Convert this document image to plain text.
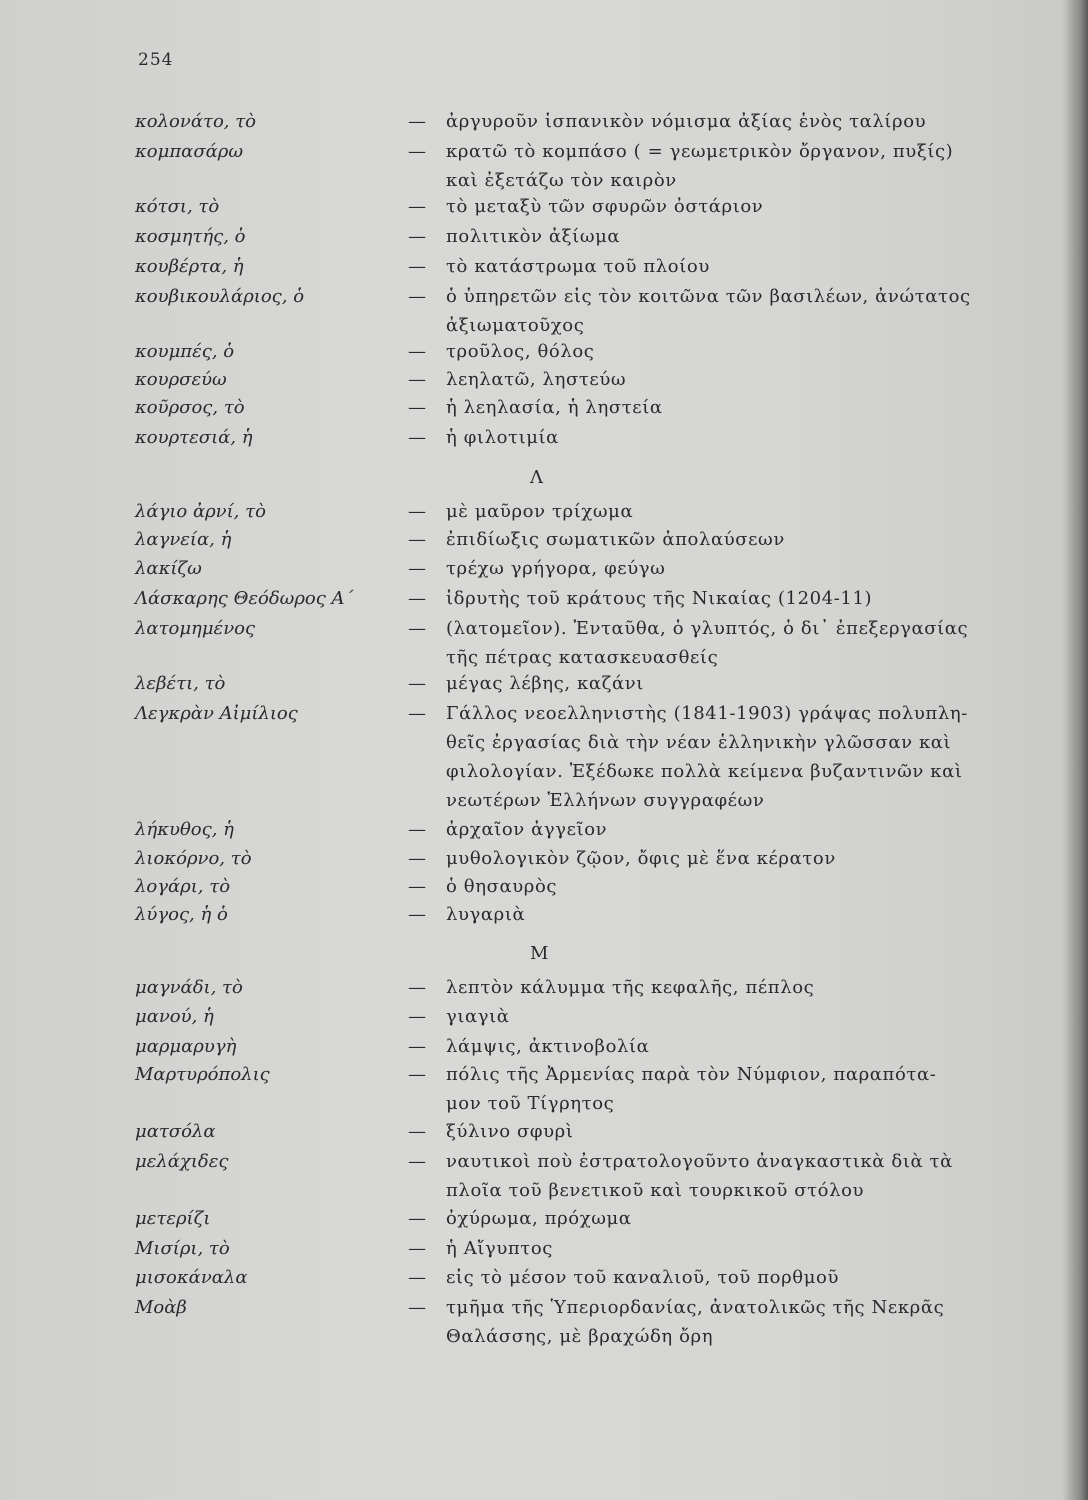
254
κολονάτο, τὸ	— ἀργυροῦν ἱσπανικὸν νόμισμα ἀξίας ἑνὸς ταλίρου
κομπασάρω	— κρατῶ τὸ κομπάσο ( = γεωμετρικὸν ὄργανον, πυξίς)
καὶ ἐξετάζω τὸν καιρὸν
κότσι, τὸ	— τὸ μεταξὺ τῶν σφυρῶν ὀστάριον
κοσμητής, ὁ	— πολιτικὸν ἀξίωμα
κουβέρτα, ἡ	— τὸ κατάστρωμα τοῦ πλοίου
κουβικουλάριος, ὁ	— ὁ ὑπηρετῶν εἰς τὸν κοιτῶνα τῶν βασιλέων, ἀνώτατος
ἀξιωματοῦχος
κουμπές, ὁ	— τροῦλος, θόλος
κουρσεύω	— λεηλατῶ, ληστεύω
κοῦρσος, τὸ	— ἡ λεηλασία, ἡ ληστεία
κουρτεσιά, ἡ	— ἡ φιλοτιμία
Λ
λάγιο ἀρνί, τὸ	— μὲ μαῦρον τρίχωμα
λαγνεία, ἡ	— ἐπιδίωξις σωματικῶν ἀπολαύσεων
λακίζω	— τρέχω γρήγορα, φεύγω
Λάσκαρης Θεόδωρος Α΄	— ἱδρυτὴς τοῦ κράτους τῆς Νικαίας (1204-11)
λατομημένος	— (λατομεῖον). Ἐνταῦθα, ὁ γλυπτός, ὁ δι᾽ ἐπεξεργασίας
τῆς πέτρας κατασκευασθείς
λεβέτι, τὸ	— μέγας λέβης, καζάνι
Λεγκρὰν Αἰμίλιος	— Γάλλος νεοελληνιστὴς (1841-1903) γράψας πολυπλη-
θεῖς ἐργασίας διὰ τὴν νέαν ἑλληνικὴν γλῶσσαν καὶ
φιλολογίαν. Ἐξέδωκε πολλὰ κείμενα βυζαντινῶν καὶ
νεωτέρων Ἑλλήνων συγγραφέων
λήκυθος, ἡ	— ἀρχαῖον ἀγγεῖον
λιοκόρνο, τὸ	— μυθολογικὸν ζῷον, ὄφις μὲ ἕνα κέρατον
λογάρι, τὸ	— ὁ θησαυρὸς
λύγος, ἡ ὁ	— λυγαριὰ
Μ
μαγνάδι, τὸ	— λεπτὸν κάλυμμα τῆς κεφαλῆς, πέπλος
μανού, ἡ	— γιαγιὰ
μαρμαρυγὴ	— λάμψις, ἀκτινοβολία
Μαρτυρόπολις	— πόλις τῆς Ἀρμενίας παρὰ τὸν Νύμφιον, παραπότα-
μον τοῦ Τίγρητος
ματσόλα	— ξύλινο σφυρὶ
μελάχιδες	— ναυτικοὶ ποὺ ἐστρατολογοῦντο ἀναγκαστικὰ διὰ τὰ
πλοῖα τοῦ βενετικοῦ καὶ τουρκικοῦ στόλου
μετερίζι	— ὀχύρωμα, πρόχωμα
Μισίρι, τὸ	— ἡ Αἴγυπτος
μισοκάναλα	— εἰς τὸ μέσον τοῦ καναλιοῦ, τοῦ πορθμοῦ
Μοὰβ	— τμῆμα τῆς Ὑπεριορδανίας, ἀνατολικῶς τῆς Νεκρᾶς
Θαλάσσης, μὲ βραχώδη ὄρη
